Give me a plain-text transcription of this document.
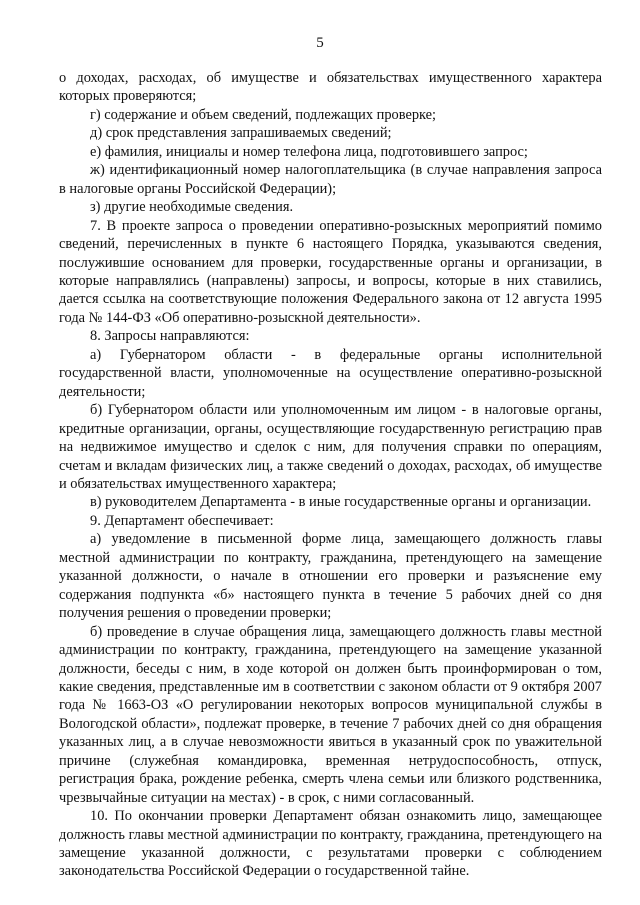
5

о доходах, расходах, об имуществе и обязательствах имущественного характера которых проверяются;

г) содержание и объем сведений, подлежащих проверке;

д) срок представления запрашиваемых сведений;

е) фамилия, инициалы и номер телефона лица, подготовившего запрос;

ж) идентификационный номер налогоплательщика (в случае направления запроса в налоговые органы Российской Федерации);

з) другие необходимые сведения.

7. В проекте запроса о проведении оперативно-розыскных мероприятий помимо сведений, перечисленных в пункте 6 настоящего Порядка, указываются сведения, послужившие основанием для проверки, государственные органы и организации, в которые направлялись (направлены) запросы, и вопросы, которые в них ставились, дается ссылка на соответствующие положения Федерального закона от 12 августа 1995 года № 144-ФЗ «Об оперативно-розыскной деятельности».

8. Запросы направляются:

а) Губернатором области - в федеральные органы исполнительной государственной власти, уполномоченные на осуществление оперативно-розыскной деятельности;

б) Губернатором области или уполномоченным им лицом - в налоговые органы, кредитные организации, органы, осуществляющие государственную регистрацию прав на недвижимое имущество и сделок с ним, для получения справки по операциям, счетам и вкладам физических лиц, а также сведений о доходах, расходах, об имуществе и обязательствах имущественного характера;

в) руководителем Департамента - в иные государственные органы и организации.

9. Департамент обеспечивает:

а) уведомление в письменной форме лица, замещающего должность главы местной администрации по контракту, гражданина, претендующего на замещение указанной должности, о начале в отношении его проверки и разъяснение ему содержания подпункта «б» настоящего пункта в течение 5 рабочих дней со дня получения решения о проведении проверки;

б) проведение в случае обращения лица, замещающего должность главы местной администрации по контракту, гражданина, претендующего на замещение указанной должности, беседы с ним, в ходе которой он должен быть проинформирован о том, какие сведения, представленные им в соответствии с законом области от 9 октября 2007 года № 1663-ОЗ «О регулировании некоторых вопросов муниципальной службы в Вологодской области», подлежат проверке, в течение 7 рабочих дней со дня обращения указанных лиц, а в случае невозможности явиться в указанный срок по уважительной причине (служебная командировка, временная нетрудоспособность, отпуск, регистрация брака, рождение ребенка, смерть члена семьи или близкого родственника, чрезвычайные ситуации на местах) - в срок, с ними согласованный.

10. По окончании проверки Департамент обязан ознакомить лицо, замещающее должность главы местной администрации по контракту, гражданина, претендующего на замещение указанной должности, с результатами проверки с соблюдением законодательства Российской Федерации о государственной тайне.
